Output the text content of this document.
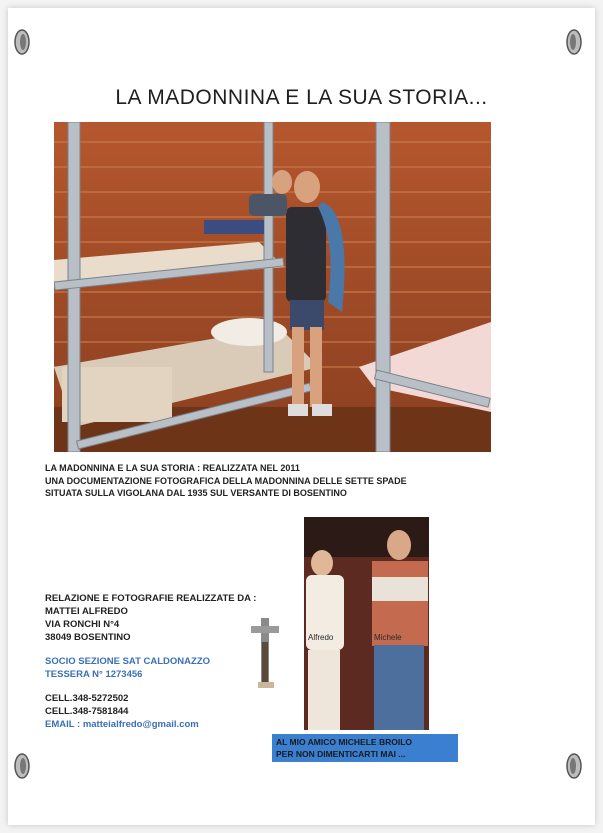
LA MADONNINA E LA SUA STORIA...
LA MADONNINA E LA SUA STORIA : REALIZZATA NEL 2011
UNA DOCUMENTAZIONE FOTOGRAFICA DELLA MADONNINA DELLE SETTE SPADE
SITUATA SULLA VIGOLANA DAL 1935 SUL VERSANTE DI BOSENTINO
RELAZIONE E FOTOGRAFIE REALIZZATE DA :
MATTEI ALFREDO
VIA RONCHI N°4
38049 BOSENTINO
SOCIO SEZIONE SAT CALDONAZZO
TESSERA N° 1273456
CELL.348-5272502
CELL.348-7581844
EMAIL : matteialfredo@gmail.com
Alfredo	Michele
AL MIO AMICO MICHELE BROILO
PER NON DIMENTICARTI MAI ...
